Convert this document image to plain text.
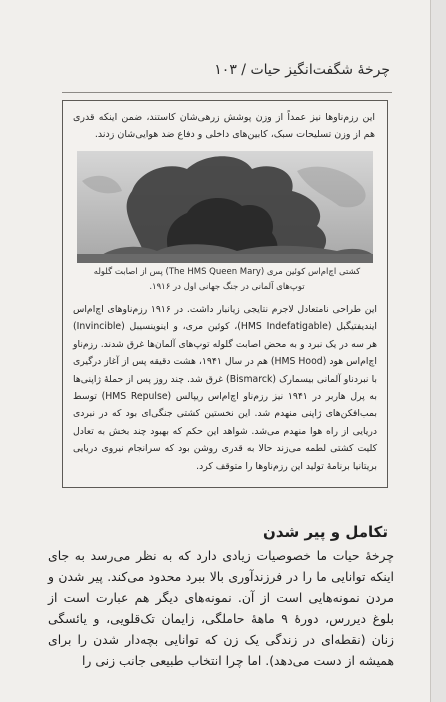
چرخهٔ شگفت‌انگیز حیات / ۱۰۳
این رزم‌ناوها نیز عمداً از وزن پوشش زرهی‌شان کاستند، ضمن اینکه قدری هم از وزن تسلیحات سبک، کابین‌های داخلی و دفاع ضد هوایی‌شان زدند.
کشتی اچ‌ام‌اس کوئین مری (The HMS Queen Mary) پس از اصابت گلوله توپ‌های آلمانی در جنگ جهانی اول در ۱۹۱۶.
این طراحی نامتعادل لاجرم نتایجی زیانبار داشت. در ۱۹۱۶ رزم‌ناوهای اچ‌ام‌اس ایندیفتیگبل (HMS Indefatigable)، کوئین مری، و اینوینسیبل (Invincible) هر سه در یک نبرد و به محض اصابت گلوله توپ‌های آلمان‌ها غرق شدند. رزم‌ناو اچ‌ام‌اس هود (HMS Hood) هم در سال ۱۹۴۱، هشت دقیقه پس از آغاز درگیری با نبردناو آلمانی بیسمارک (Bismarck) غرق شد. چند روز پس از حملهٔ ژاپنی‌ها به پرل هاربر در ۱۹۴۱ نیز رزم‌ناو اچ‌ام‌اس ریپالس (HMS Repulse) توسط بمب‌افکن‌های ژاپنی منهدم شد. این نخستین کشتی جنگی‌ای بود که در نبردی دریایی از راه هوا منهدم می‌شد. شواهد این حکم که بهبود چند بخش به تعادل کلیت کشتی لطمه می‌زند حالا به قدری روشن بود که سرانجام نیروی دریایی بریتانیا برنامهٔ تولید این رزم‌ناوها را متوقف کرد.
تکامل و پیر شدن
چرخهٔ حیات ما خصوصیات زیادی دارد که به نظر می‌رسد به جای اینکه توانایی ما را در فرزندآوری بالا ببرد محدود می‌کند. پیر شدن و مردن نمونه‌هایی است از آن. نمونه‌های دیگر هم عبارت است از بلوغ دیررس، دورهٔ ۹ ماههٔ حاملگی، زایمان تک‌قلویی، و یائسگی زنان (نقطه‌ای در زندگی یک زن که توانایی بچه‌دار شدن را برای همیشه از دست می‌دهد). اما چرا انتخاب طبیعی جانب زنی را
